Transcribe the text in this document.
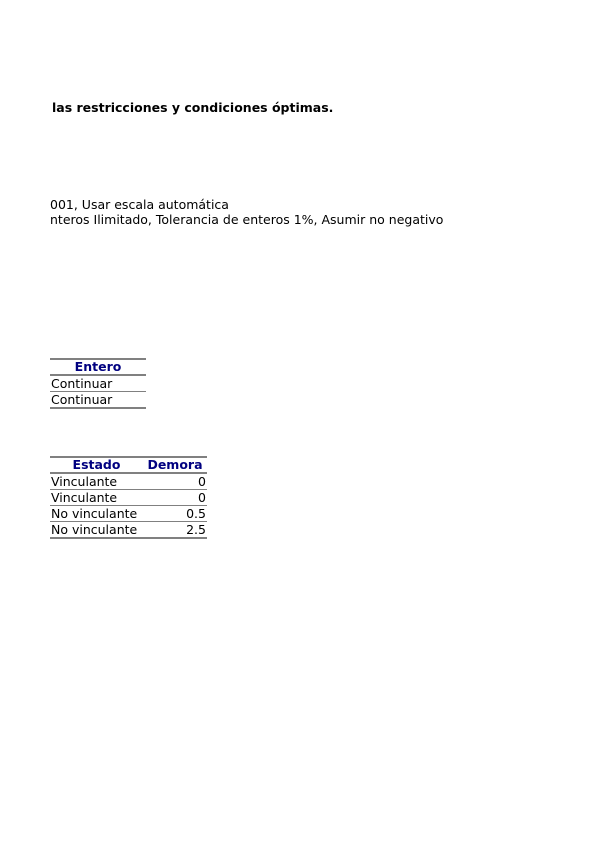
las restricciones y condiciones óptimas.
001, Usar escala automática
nteros Ilimitado, Tolerancia de enteros 1%, Asumir no negativo
Entero
Continuar
Continuar
Estado	Demora
Vinculante	0
Vinculante	0
No vinculante	0.5
No vinculante	2.5
